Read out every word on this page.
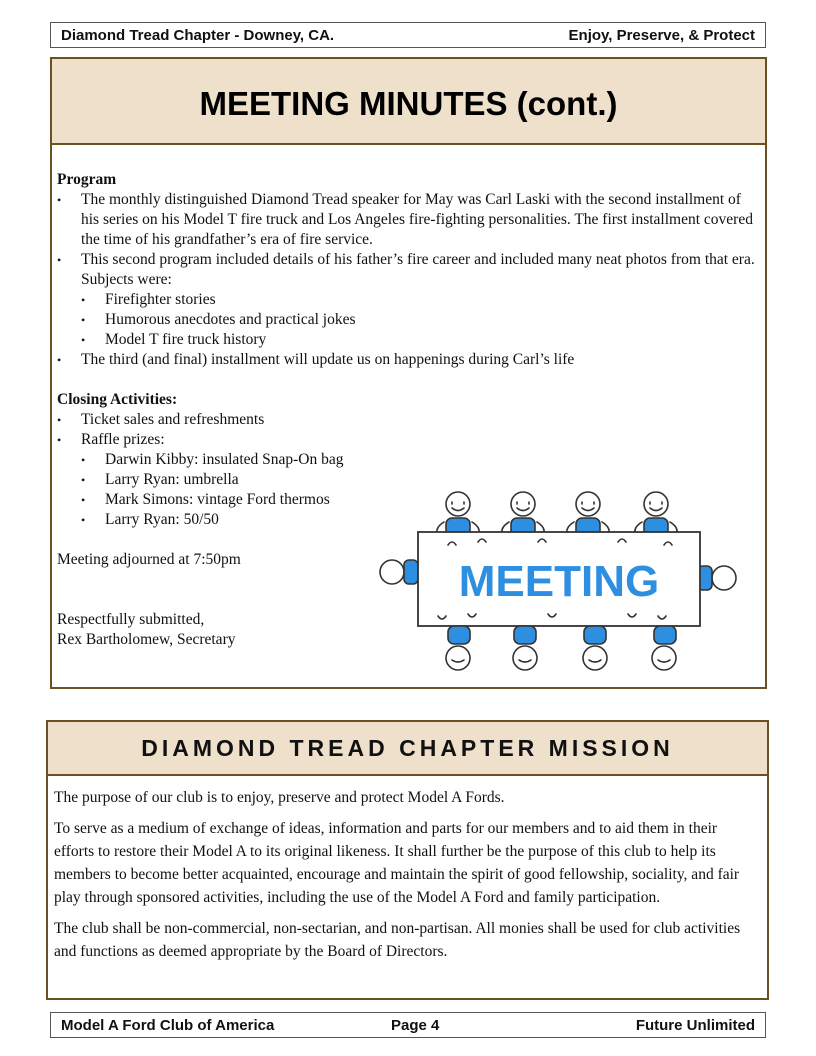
Diamond Tread Chapter - Downey, CA.	Enjoy, Preserve, & Protect
MEETING MINUTES (cont.)
Program
• The monthly distinguished Diamond Tread speaker for May was Carl Laski with the second installment of his series on his Model T fire truck and Los Angeles fire-fighting personalities. The first installment covered the time of his grandfather’s era of fire service.
• This second program included details of his father’s fire career and included many neat photos from that era. Subjects were:
• Firefighter stories
• Humorous anecdotes and practical jokes
• Model T fire truck history
• The third (and final) installment will update us on happenings during Carl’s life
Closing Activities:
• Ticket sales and refreshments
• Raffle prizes:
• Darwin Kibby: insulated Snap-On bag
• Larry Ryan: umbrella
• Mark Simons: vintage Ford thermos
• Larry Ryan: 50/50
Meeting adjourned at 7:50pm
Respectfully submitted,
Rex Bartholomew, Secretary
MEETING
DIAMOND TREAD CHAPTER MISSION

The purpose of our club is to enjoy, preserve and protect Model A Fords.

To serve as a medium of exchange of ideas, information and parts for our members and to aid them in their efforts to restore their Model A to its original likeness. It shall further be the purpose of this club to help its members to become better acquainted, encourage and maintain the spirit of good fellowship, sociality, and fair play through sponsored activities, including the use of the Model A Ford and family participation.

The club shall be non-commercial, non-sectarian, and non-partisan. All monies shall be used for club activities and functions as deemed appropriate by the Board of Directors.

Model A Ford Club of America	Page 4	Future Unlimited
